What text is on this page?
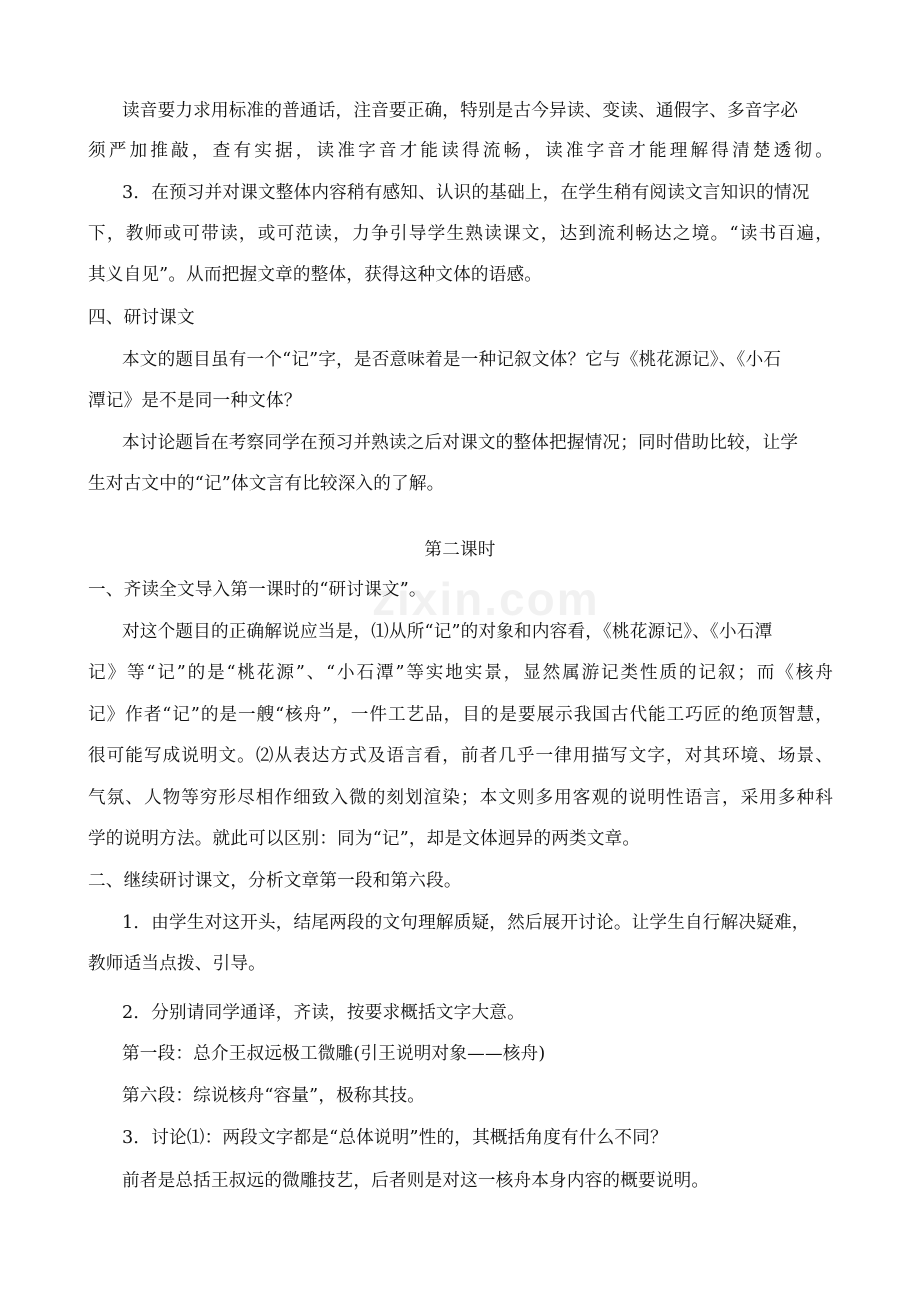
zixin.com
读音要力求用标准的普通话，注音要正确，特别是古今异读、变读、通假字、多音字必
须严加推敲，查有实据，读准字音才能读得流畅，读准字音才能理解得清楚透彻。
3．在预习并对课文整体内容稍有感知、认识的基础上，在学生稍有阅读文言知识的情况
下，教师或可带读，或可范读，力争引导学生熟读课文，达到流利畅达之境。“读书百遍，
其义自见”。从而把握文章的整体，获得这种文体的语感。
四、研讨课文
本文的题目虽有一个“记”字，是否意味着是一种记叙文体？它与《桃花源记》、《小石
潭记》是不是同一种文体？
本讨论题旨在考察同学在预习并熟读之后对课文的整体把握情况；同时借助比较，让学
生对古文中的“记”体文言有比较深入的了解。
第二课时
一、齐读全文导入第一课时的“研讨课文”。
对这个题目的正确解说应当是，⑴从所“记”的对象和内容看，《桃花源记》、《小石潭
记》等“记”的是“桃花源”、“小石潭”等实地实景，显然属游记类性质的记叙；而《核舟
记》作者“记”的是一艘“核舟”，一件工艺品，目的是要展示我国古代能工巧匠的绝顶智慧，
很可能写成说明文。⑵从表达方式及语言看，前者几乎一律用描写文字，对其环境、场景、
气氛、人物等穷形尽相作细致入微的刻划渲染；本文则多用客观的说明性语言，采用多种科
学的说明方法。就此可以区别：同为“记”，却是文体迥异的两类文章。
二、继续研讨课文，分析文章第一段和第六段。
1．由学生对这开头，结尾两段的文句理解质疑，然后展开讨论。让学生自行解决疑难，
教师适当点拨、引导。
2．分别请同学通译，齐读，按要求概括文字大意。
第一段：总介王叔远极工微雕(引王说明对象——核舟)
第六段：综说核舟“容量”，极称其技。
3．讨论⑴：两段文字都是“总体说明”性的，其概括角度有什么不同？
前者是总括王叔远的微雕技艺，后者则是对这一核舟本身内容的概要说明。
